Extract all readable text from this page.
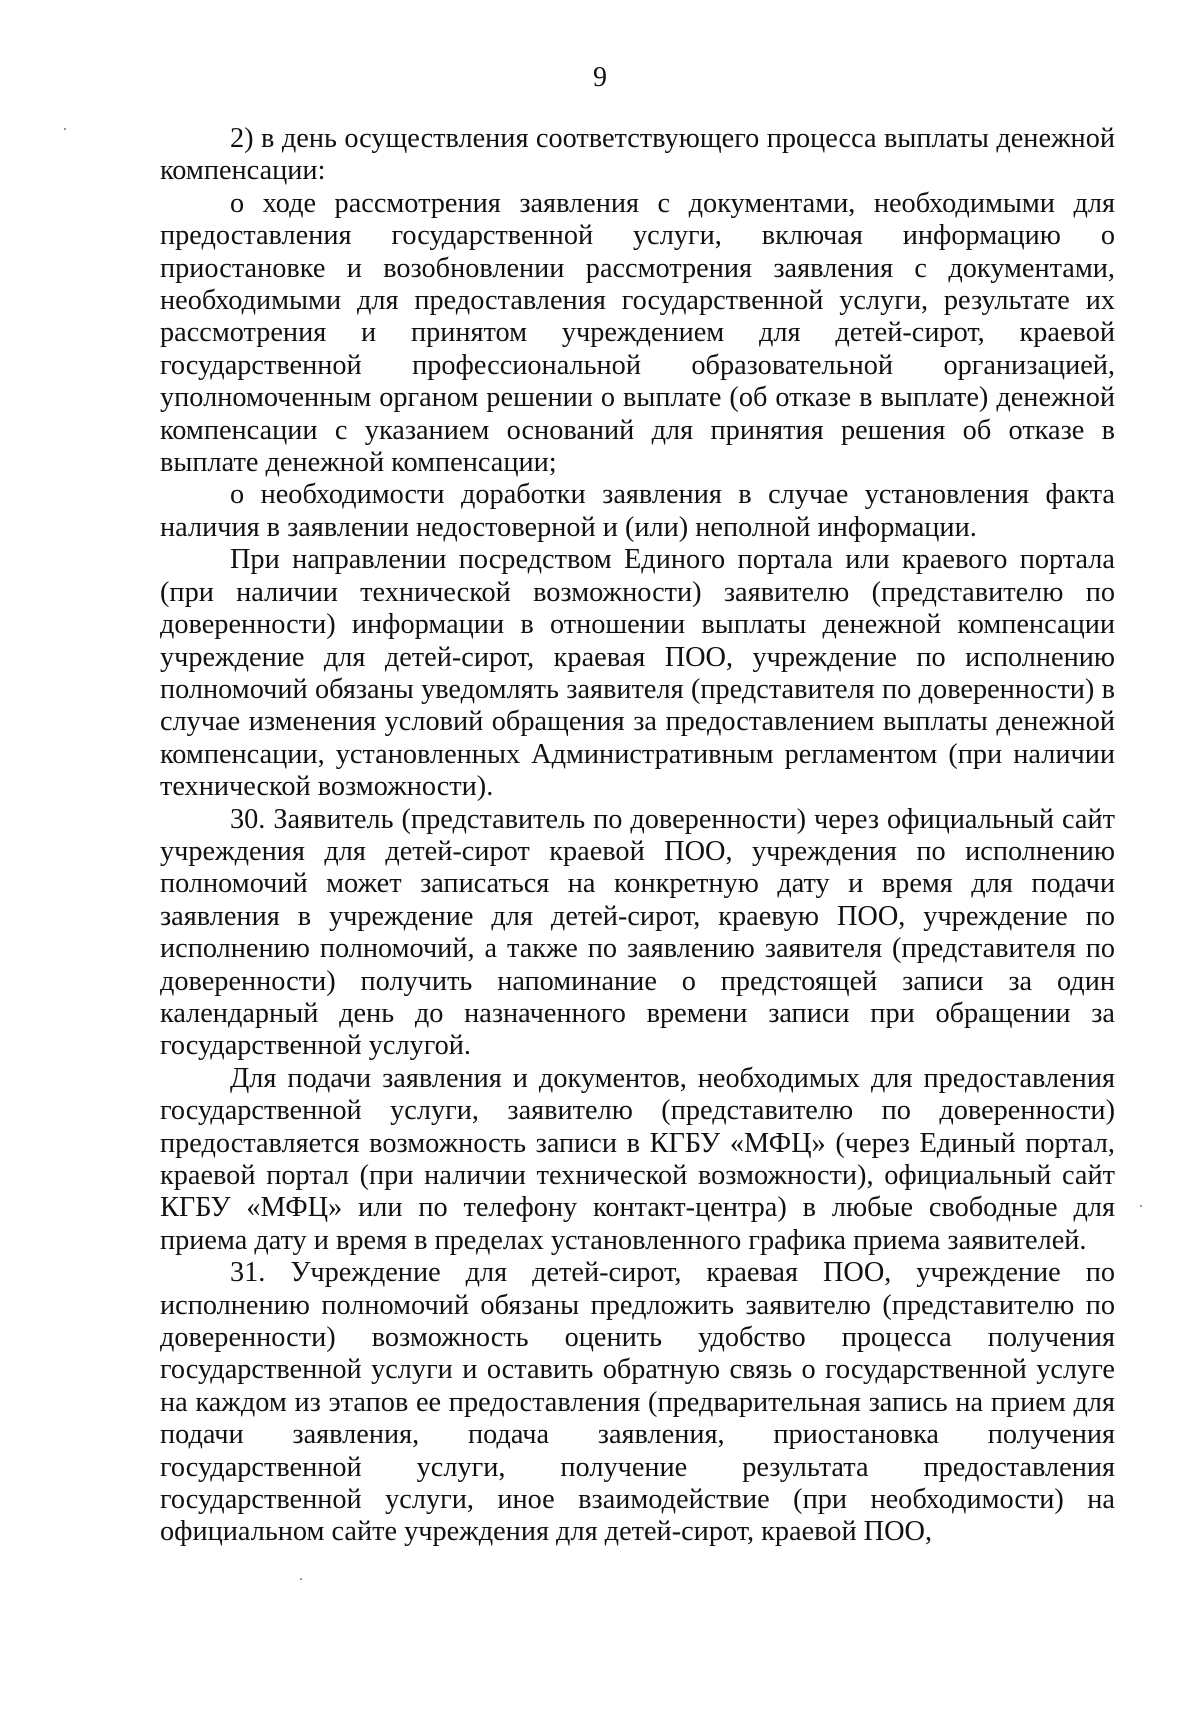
9

2) в день осуществления соответствующего процесса выплаты денежной компенсации:

о ходе рассмотрения заявления с документами, необходимыми для предоставления государственной услуги, включая информацию о приостановке и возобновлении рассмотрения заявления с документами, необходимыми для предоставления государственной услуги, результате их рассмотрения и принятом учреждением для детей-сирот, краевой государственной профессиональной образовательной организацией, уполномоченным органом решении о выплате (об отказе в выплате) денежной компенсации с указанием оснований для принятия решения об отказе в выплате денежной компенсации;

о необходимости доработки заявления в случае установления факта наличия в заявлении недостоверной и (или) неполной информации.

При направлении посредством Единого портала или краевого портала (при наличии технической возможности) заявителю (представителю по доверенности) информации в отношении выплаты денежной компенсации учреждение для детей-сирот, краевая ПОО, учреждение по исполнению полномочий обязаны уведомлять заявителя (представителя по доверенности) в случае изменения условий обращения за предоставлением выплаты денежной компенсации, установленных Административным регламентом (при наличии технической возможности).

30. Заявитель (представитель по доверенности) через официальный сайт учреждения для детей-сирот краевой ПОО, учреждения по исполнению полномочий может записаться на конкретную дату и время для подачи заявления в учреждение для детей-сирот, краевую ПОО, учреждение по исполнению полномочий, а также по заявлению заявителя (представителя по доверенности) получить напоминание о предстоящей записи за один календарный день до назначенного времени записи при обращении за государственной услугой.

Для подачи заявления и документов, необходимых для предоставления государственной услуги, заявителю (представителю по доверенности) предоставляется возможность записи в КГБУ «МФЦ» (через Единый портал, краевой портал (при наличии технической возможности), официальный сайт КГБУ «МФЦ» или по телефону контакт-центра) в любые свободные для приема дату и время в пределах установленного графика приема заявителей.

31. Учреждение для детей-сирот, краевая ПОО, учреждение по исполнению полномочий обязаны предложить заявителю (представителю по доверенности) возможность оценить удобство процесса получения государственной услуги и оставить обратную связь о государственной услуге на каждом из этапов ее предоставления (предварительная запись на прием для подачи заявления, подача заявления, приостановка получения государственной услуги, получение результата предоставления государственной услуги, иное взаимодействие (при необходимости) на официальном сайте учреждения для детей-сирот, краевой ПОО,
